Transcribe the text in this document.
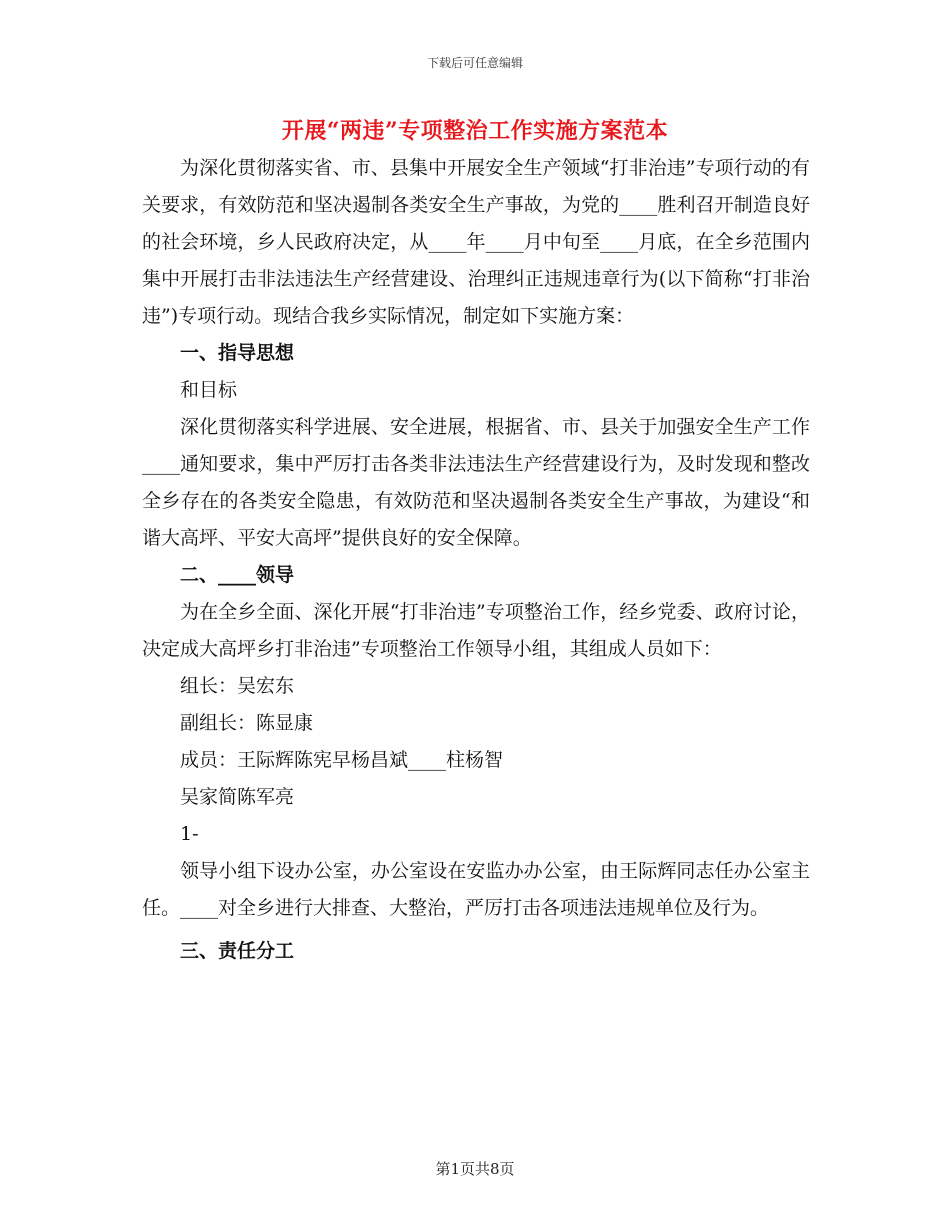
下载后可任意编辑
开展“两违”专项整治工作实施方案范本

为深化贯彻落实省、市、县集中开展安全生产领域“打非治违”专项行动的有关要求，有效防范和坚决遏制各类安全生产事故，为党的____胜利召开制造良好的社会环境，乡人民政府决定，从____年____月中旬至____月底，在全乡范围内集中开展打击非法违法生产经营建设、治理纠正违规违章行为(以下简称“打非治违”)专项行动。现结合我乡实际情况，制定如下实施方案：

一、指导思想

和目标

深化贯彻落实科学进展、安全进展，根据省、市、县关于加强安全生产工作____通知要求，集中严厉打击各类非法违法生产经营建设行为，及时发现和整改全乡存在的各类安全隐患，有效防范和坚决遏制各类安全生产事故，为建设“和谐大高坪、平安大高坪”提供良好的安全保障。

二、____领导

为在全乡全面、深化开展“打非治违”专项整治工作，经乡党委、政府讨论，决定成大高坪乡打非治违”专项整治工作领导小组，其组成人员如下：

组长：吴宏东

副组长：陈显康

成员：王际辉陈宪早杨昌斌____柱杨智

吴家简陈军亮

1-

领导小组下设办公室，办公室设在安监办办公室，由王际辉同志任办公室主任。____对全乡进行大排查、大整治，严厉打击各项违法违规单位及行为。

三、责任分工
第1页共8页
